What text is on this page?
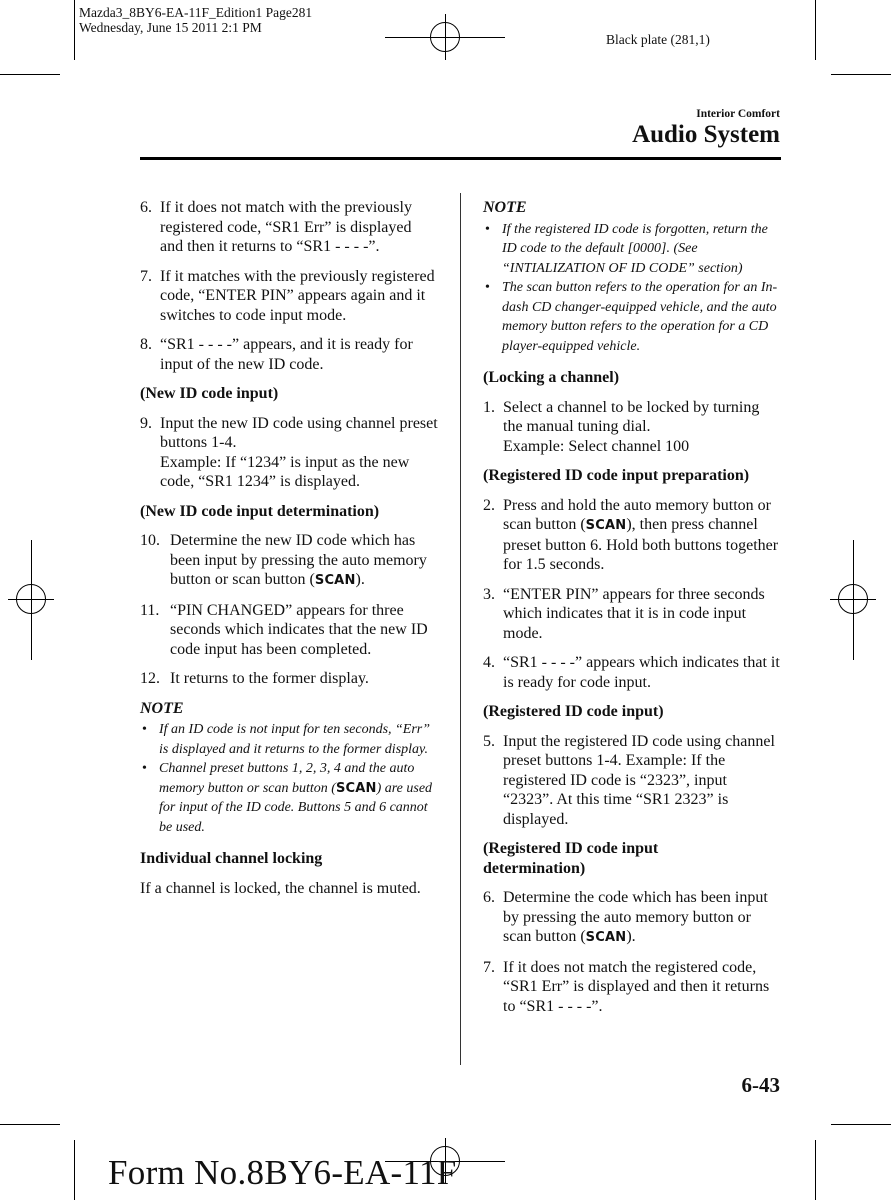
Mazda3_8BY6-EA-11F_Edition1 Page281
Wednesday, June 15 2011 2:1 PM
Black plate (281,1)
Interior Comfort
Audio System
6. If it does not match with the previously registered code, “SR1 Err” is displayed and then it returns to “SR1 - - - -”.
7. If it matches with the previously registered code, “ENTER PIN” appears again and it switches to code input mode.
8. “SR1 - - - -” appears, and it is ready for input of the new ID code.
(New ID code input)
9. Input the new ID code using channel preset buttons 1-4.
Example: If “1234” is input as the new code, “SR1 1234” is displayed.
(New ID code input determination)
10. Determine the new ID code which has been input by pressing the auto memory button or scan button (SCAN).
11. “PIN CHANGED” appears for three seconds which indicates that the new ID code input has been completed.
12. It returns to the former display.
NOTE
• If an ID code is not input for ten seconds, “Err” is displayed and it returns to the former display.
• Channel preset buttons 1, 2, 3, 4 and the auto memory button or scan button (SCAN) are used for input of the ID code. Buttons 5 and 6 cannot be used.
Individual channel locking
If a channel is locked, the channel is muted.
NOTE
• If the registered ID code is forgotten, return the ID code to the default [0000]. (See “INTIALIZATION OF ID CODE” section)
• The scan button refers to the operation for an In-dash CD changer-equipped vehicle, and the auto memory button refers to the operation for a CD player-equipped vehicle.
(Locking a channel)
1. Select a channel to be locked by turning the manual tuning dial.
Example: Select channel 100
(Registered ID code input preparation)
2. Press and hold the auto memory button or scan button (SCAN), then press channel preset button 6. Hold both buttons together for 1.5 seconds.
3. “ENTER PIN” appears for three seconds which indicates that it is in code input mode.
4. “SR1 - - - -” appears which indicates that it is ready for code input.
(Registered ID code input)
5. Input the registered ID code using channel preset buttons 1-4. Example: If the registered ID code is “2323”, input “2323”. At this time “SR1 2323” is displayed.
(Registered ID code input
determination)
6. Determine the code which has been input by pressing the auto memory button or scan button (SCAN).
7. If it does not match the registered code, “SR1 Err” is displayed and then it returns to “SR1 - - - -”.
6-43
Form No.8BY6-EA-11F
